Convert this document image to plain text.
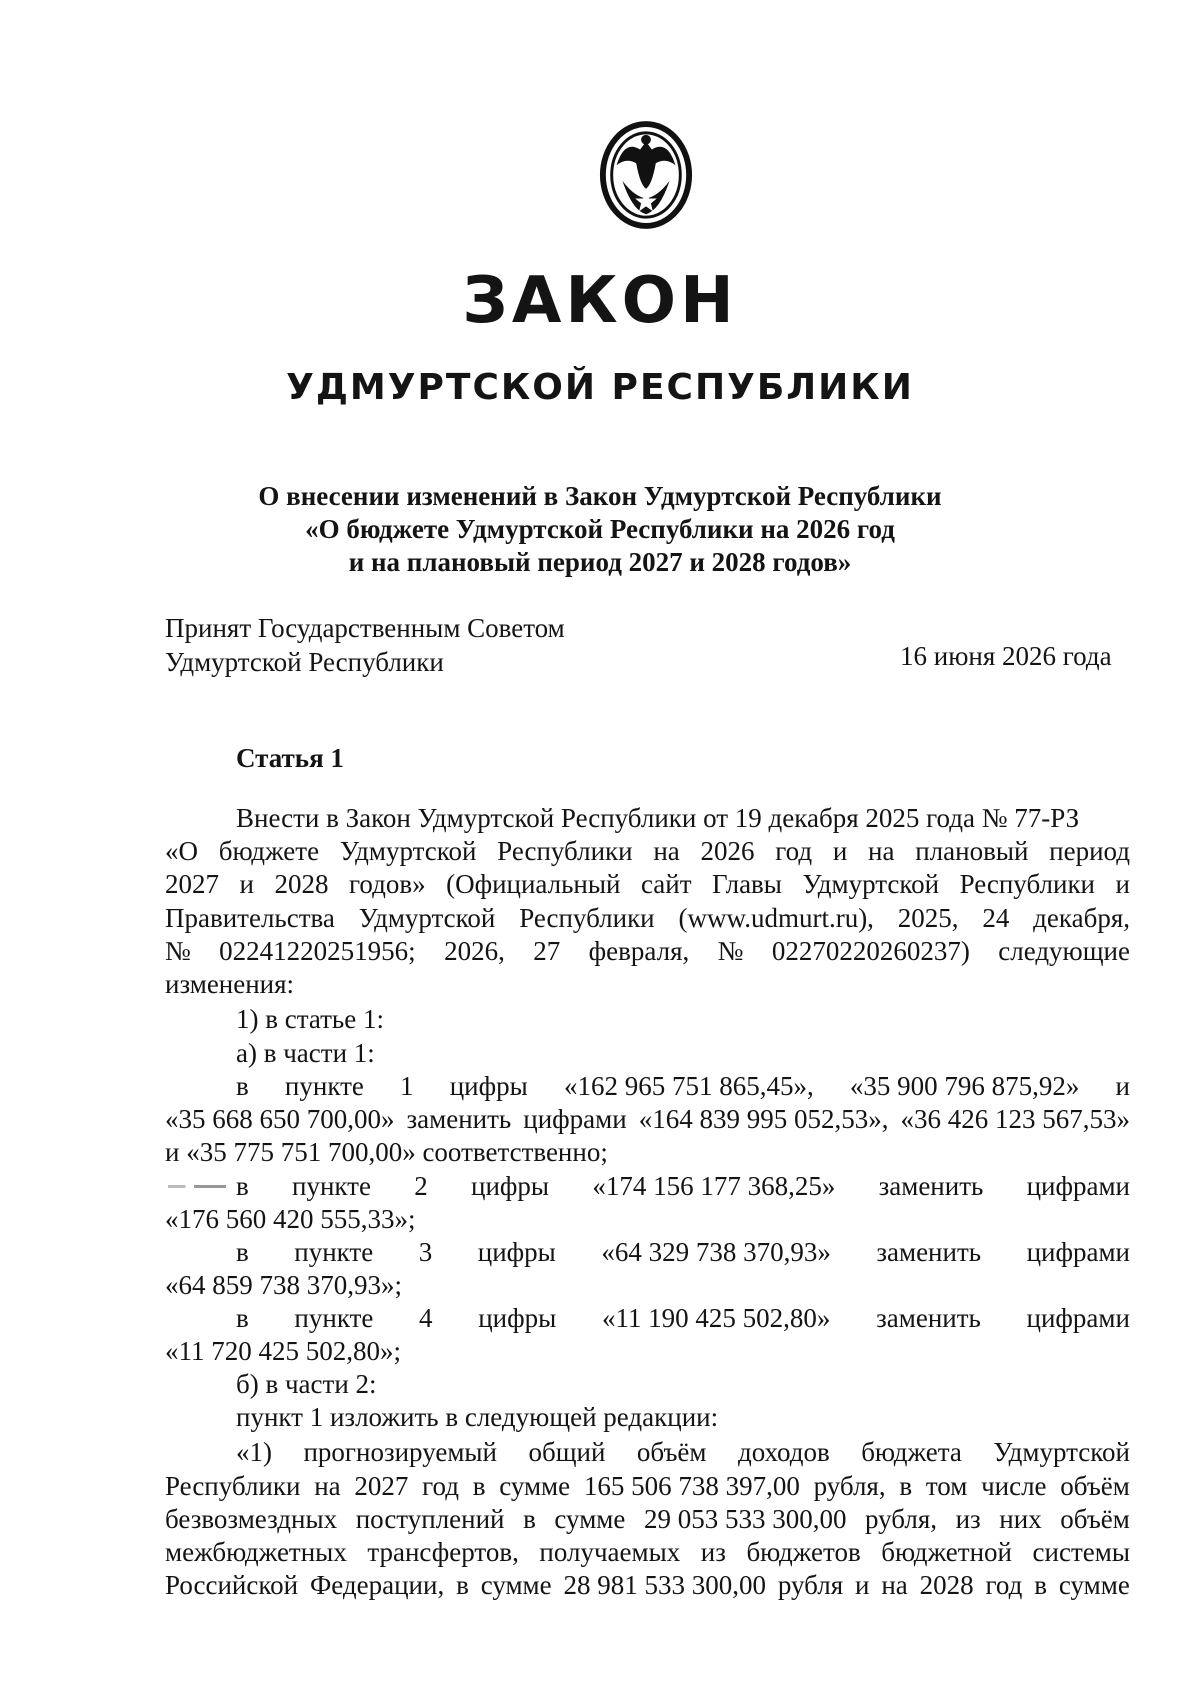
ЗАКОН
УДМУРТСКОЙ РЕСПУБЛИКИ
О внесении изменений в Закон Удмуртской Республики
«О бюджете Удмуртской Республики на 2026 год
и на плановый период 2027 и 2028 годов»
Принят Государственным Советом
Удмуртской Республики	16 июня 2026 года
Статья 1
Внести в Закон Удмуртской Республики от 19 декабря 2025 года № 77-РЗ
«О бюджете Удмуртской Республики на 2026 год и на плановый период
2027 и 2028 годов» (Официальный сайт Главы Удмуртской Республики и
Правительства Удмуртской Республики (www.udmurt.ru), 2025, 24 декабря,
№ 02241220251956; 2026, 27 февраля, № 02270220260237) следующие
изменения:
1) в статье 1:
а) в части 1:
в пункте 1 цифры «162 965 751 865,45», «35 900 796 875,92» и
«35 668 650 700,00» заменить цифрами «164 839 995 052,53», «36 426 123 567,53»
и «35 775 751 700,00» соответственно;
в пункте 2 цифры «174 156 177 368,25» заменить цифрами
«176 560 420 555,33»;
в пункте 3 цифры «64 329 738 370,93» заменить цифрами
«64 859 738 370,93»;
в пункте 4 цифры «11 190 425 502,80» заменить цифрами
«11 720 425 502,80»;
б) в части 2:
пункт 1 изложить в следующей редакции:
«1) прогнозируемый общий объём доходов бюджета Удмуртской
Республики на 2027 год в сумме 165 506 738 397,00 рубля, в том числе объём
безвозмездных поступлений в сумме 29 053 533 300,00 рубля, из них объём
межбюджетных трансфертов, получаемых из бюджетов бюджетной системы
Российской Федерации, в сумме 28 981 533 300,00 рубля и на 2028 год в сумме
